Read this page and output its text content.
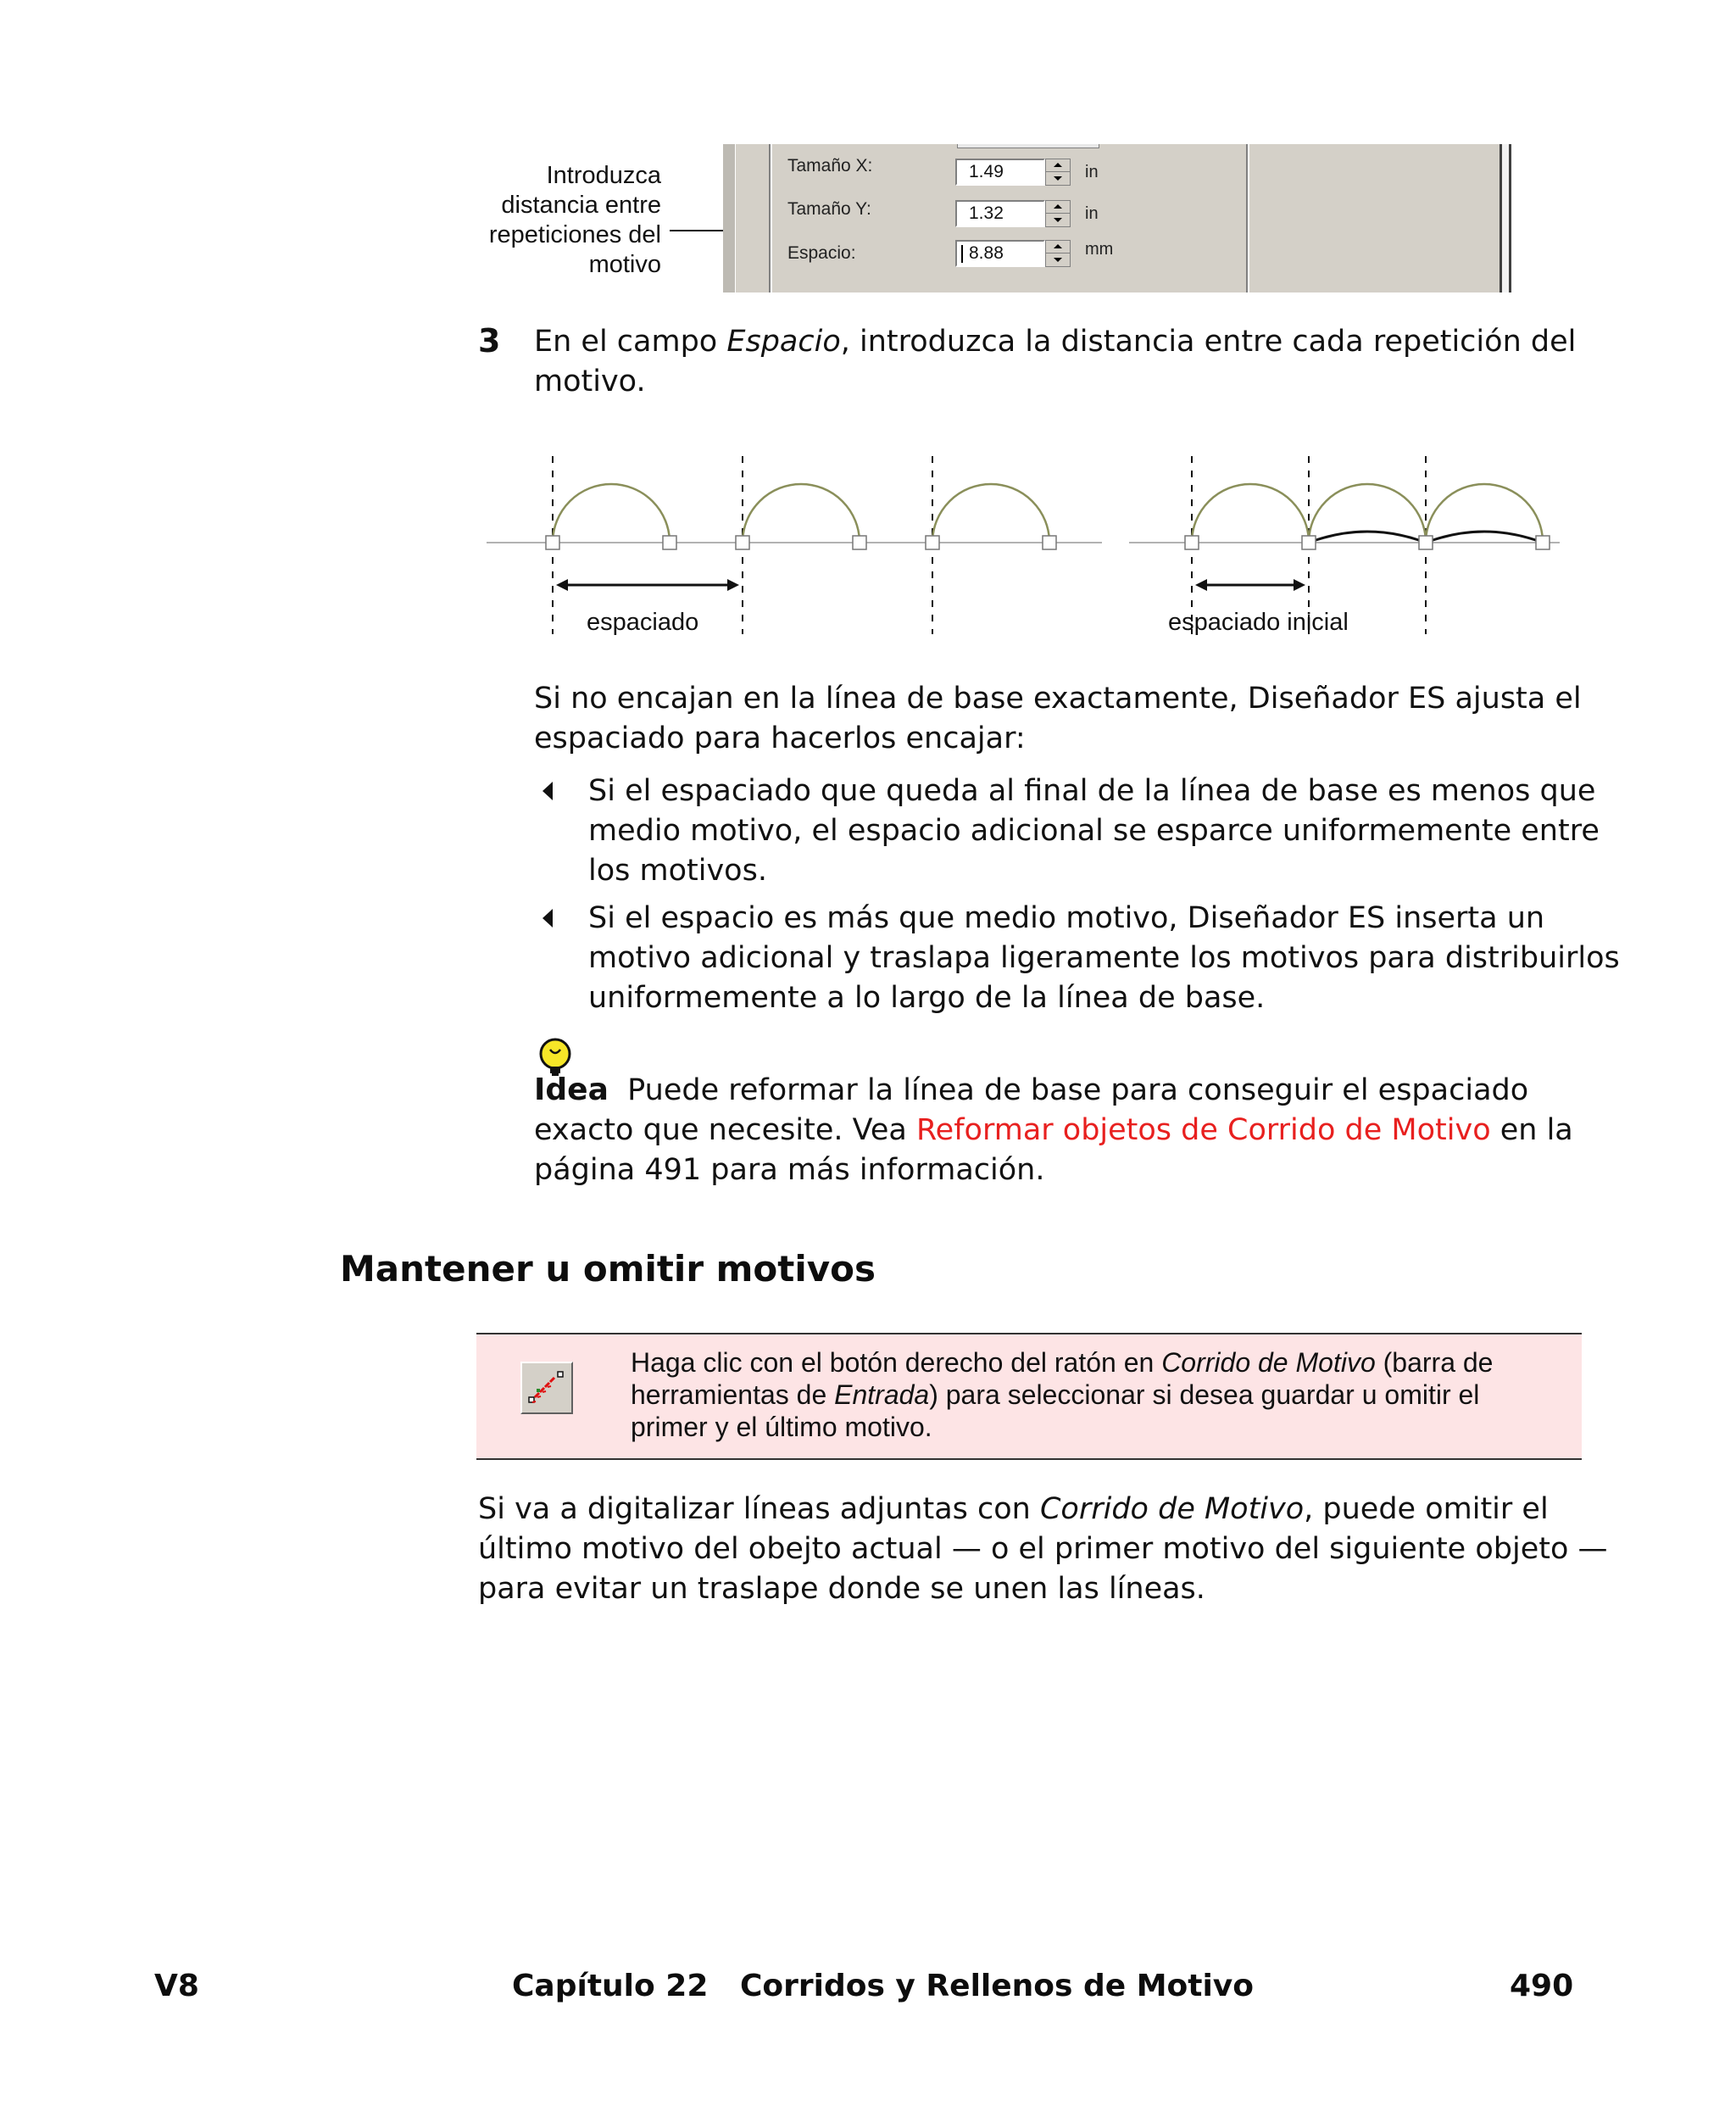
Introduzca
distancia entre
repeticiones del
motivo
Tamaño X:	1.49	in
Tamaño Y:	1.32	in
Espacio:	8.88	mm
3 En el campo Espacio, introduzca la distancia entre cada repetición del
motivo.
espaciado	espaciado inicial
Si no encajan en la línea de base exactamente, Diseñador ES ajusta el
espaciado para hacerlos encajar:
Si el espaciado que queda al final de la línea de base es menos que
medio motivo, el espacio adicional se esparce uniformemente entre
los motivos.
Si el espacio es más que medio motivo, Diseñador ES inserta un
motivo adicional y traslapa ligeramente los motivos para distribuirlos
uniformemente a lo largo de la línea de base.
Idea Puede reformar la línea de base para conseguir el espaciado
exacto que necesite. Vea Reformar objetos de Corrido de Motivo en la
página 491 para más información.
Mantener u omitir motivos
Haga clic con el botón derecho del ratón en Corrido de Motivo (barra de herramientas de Entrada) para seleccionar si desea guardar u omitir el primer y el último motivo.
Si va a digitalizar líneas adjuntas con Corrido de Motivo, puede omitir el
último motivo del obejto actual — o el primer motivo del siguiente objeto —
para evitar un traslape donde se unen las líneas.
V8	Capítulo 22   Corridos y Rellenos de Motivo	490
